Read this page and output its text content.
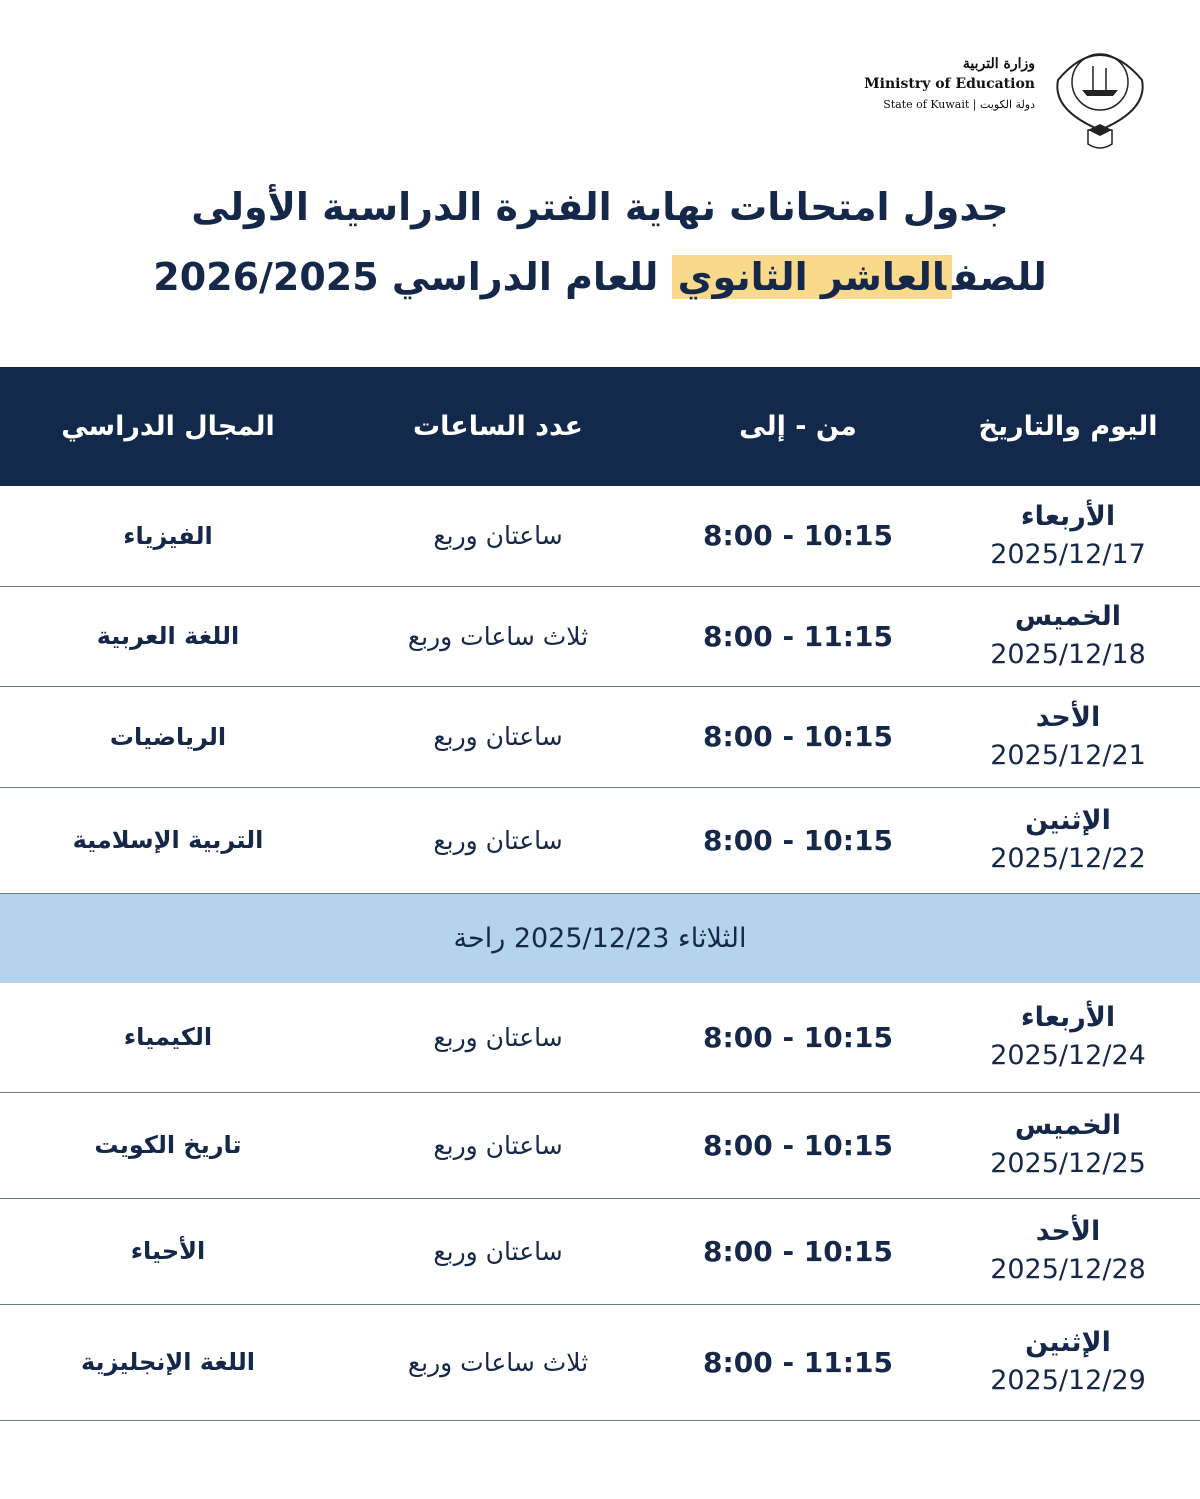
وزارة التربية
Ministry of Education
State of Kuwait | دولة الكويت
جدول امتحانات نهاية الفترة الدراسية الأولى
للصفالعاشر الثانوي للعام الدراسي 2026/2025
اليوم والتاريخ	من - إلى	عدد الساعات	المجال الدراسي

الأربعاء
2025/12/17	8:00 - 10:15	ساعتان وربع	الفيزياء

الخميس
2025/12/18	8:00 - 11:15	ثلاث ساعات وربع	اللغة العربية

الأحد
2025/12/21	8:00 - 10:15	ساعتان وربع	الرياضيات

الإثنين
2025/12/22	8:00 - 10:15	ساعتان وربع	التربية الإسلامية
الثلاثاء 2025/12/23 راحة			

الأربعاء
2025/12/24	8:00 - 10:15	ساعتان وربع	الكيمياء

الخميس
2025/12/25	8:00 - 10:15	ساعتان وربع	تاريخ الكويت

الأحد
2025/12/28	8:00 - 10:15	ساعتان وربع	الأحياء

الإثنين
2025/12/29	8:00 - 11:15	ثلاث ساعات وربع	اللغة الإنجليزية
